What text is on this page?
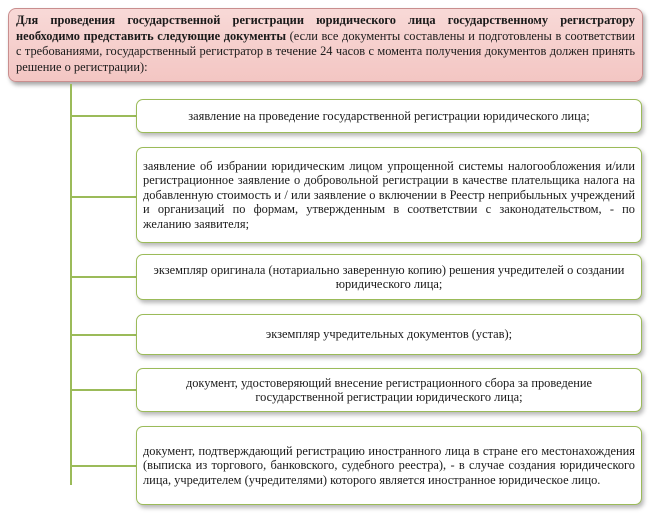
Для проведения государственной регистрации юридического лица государственному регистратору необходимо представить следующие документы (если все документы составлены и подготовлены в соответствии с требованиями, государственный регистратор в течение 24 часов с момента получения документов должен принять решение о регистрации):
заявление на проведение государственной регистрации юридического лица;
заявление об избрании юридическим лицом упрощенной системы налогообложения и/или регистрационное заявление о добровольной регистрации в качестве плательщика налога на добавленную стоимость и / или заявление о включении в Реестр неприбыльных учреждений и организаций по формам, утвержденным в соответствии с законодательством, - по желанию заявителя;
экземпляр оригинала (нотариально заверенную копию) решения учредителей о создании юридического лица;
экземпляр учредительных документов (устав);
документ, удостоверяющий внесение регистрационного сбора за проведение государственной регистрации юридического лица;
документ, подтверждающий регистрацию иностранного лица в стране его местонахождения (выписка из торгового, банковского, судебного реестра), - в случае создания юридического лица, учредителем (учредителями) которого является иностранное юридическое лицо.
